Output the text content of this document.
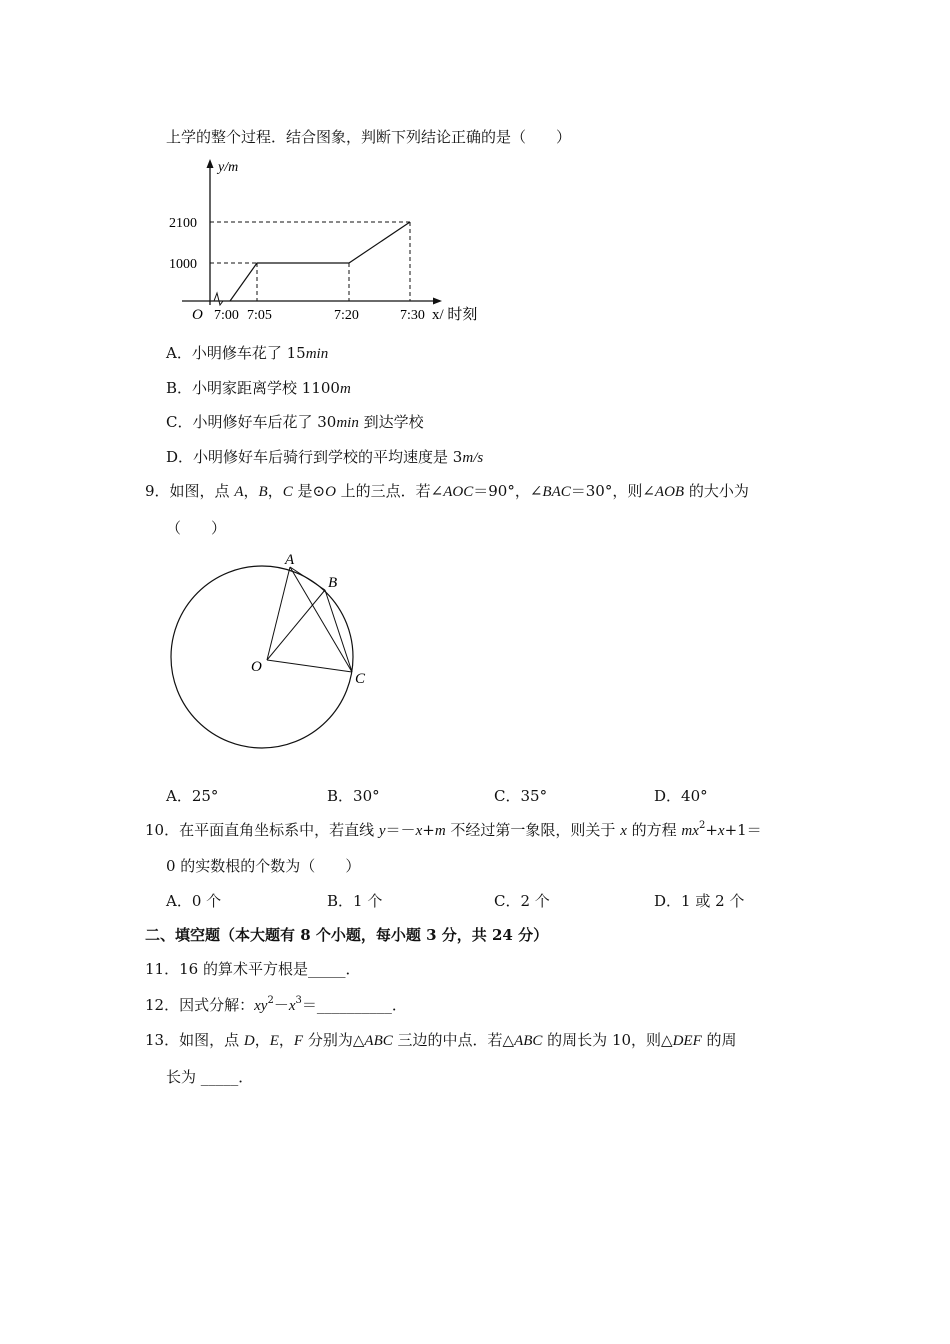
上学的整个过程．结合图象，判断下列结论正确的是（　　）
y/m
2100
1000
O 7:00 7:05	7:20	7:30 x/ 时刻
A．小明修车花了 15min
B．小明家距离学校 1100m
C．小明修好车后花了 30min 到达学校
D．小明修好车后骑行到学校的平均速度是 3m/s
9．如图，点 A，B，C 是⊙O 上的三点．若∠AOC＝90°，∠BAC＝30°，则∠AOB 的大小为
（　　）
A
B
C
O
A．25°	B．30°	C．35°	D．40°
10．在平面直角坐标系中，若直线 y＝－x+m 不经过第一象限，则关于 x 的方程 $mx^2+x+1=$
0 的实数根的个数为（　　）
A．0 个	B．1 个	C．2 个	D．1 或 2 个
二、填空题（本大题有 8 个小题，每小题 3 分，共 24 分）
11．16 的算术平方根是_____．
12．因式分解：$xy^2-x^3=\_\_\_\_\_\_\_\_\_\_$．
13．如图，点 D，E，F 分别为△ABC 三边的中点．若△ABC 的周长为 10，则△DEF 的周
长为 _____．
